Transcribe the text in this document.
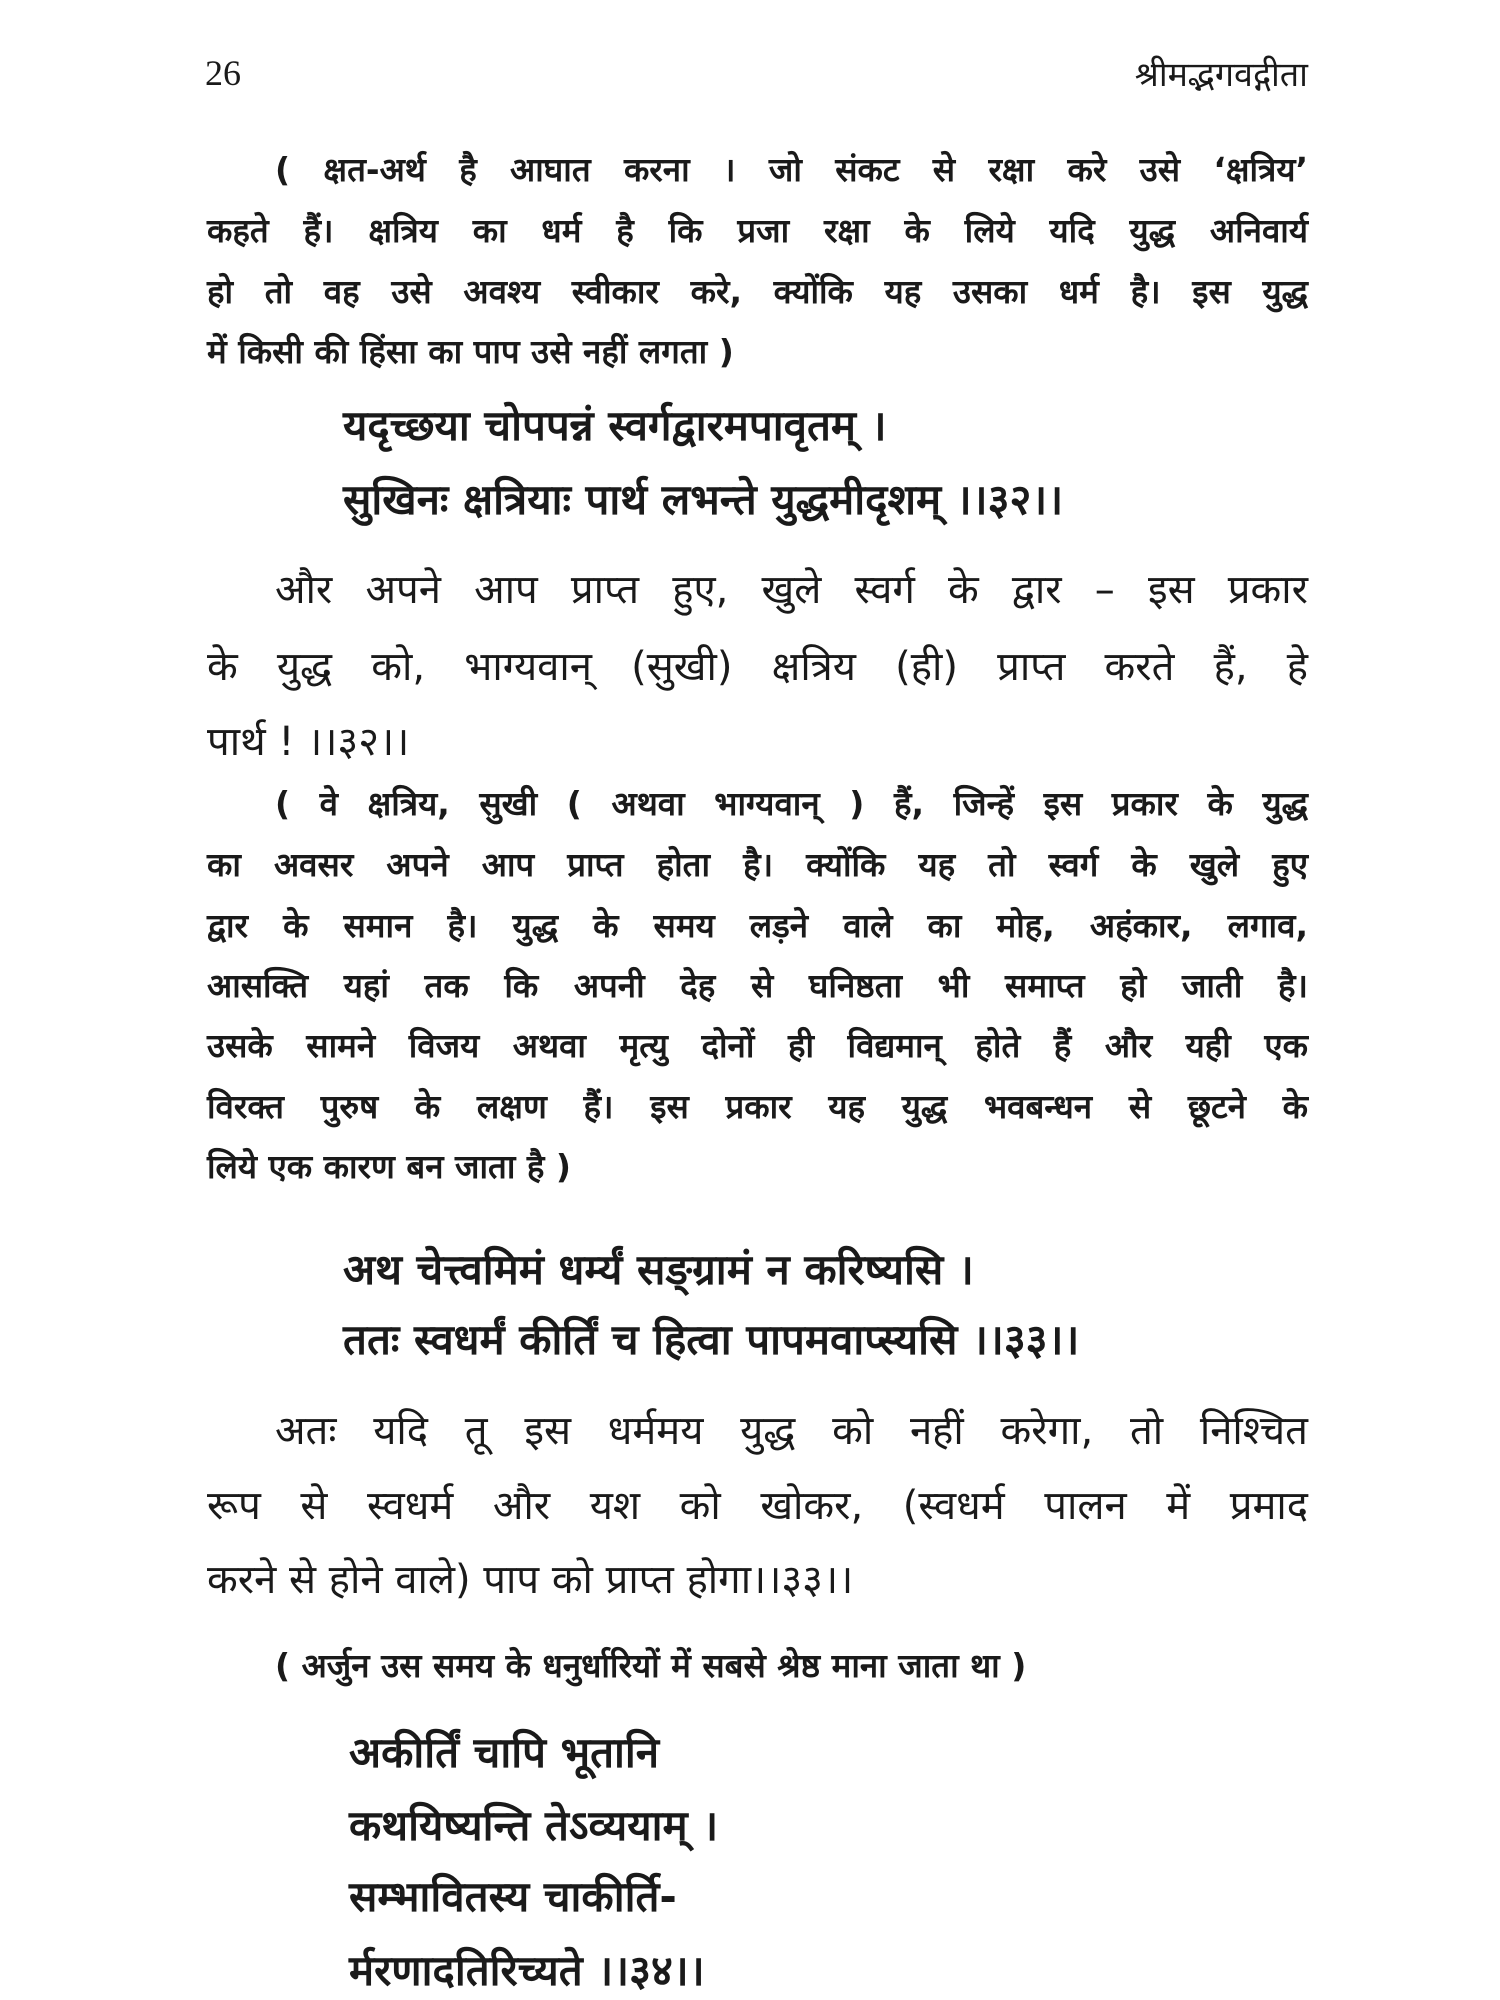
26	श्रीमद्भगवद्गीता
( क्षत-अर्थ है आघात करना । जो संकट से रक्षा करे उसे ‘क्षत्रिय’
कहते हैं। क्षत्रिय का धर्म है कि प्रजा रक्षा के लिये यदि युद्ध अनिवार्य
हो तो वह उसे अवश्य स्वीकार करे, क्योंकि यह उसका धर्म है। इस युद्ध
में किसी की हिंसा का पाप उसे नहीं लगता )
यदृच्छया चोपपन्नं स्वर्गद्वारमपावृतम् ।
सुखिनः क्षत्रियाः पार्थ लभन्ते युद्धमीदृशम् ।।३२।।
और अपने आप प्राप्त हुए, खुले स्वर्ग के द्वार – इस प्रकार
के युद्ध को, भाग्यवान् (सुखी) क्षत्रिय (ही) प्राप्त करते हैं, हे
पार्थ ! ।।३२।।
( वे क्षत्रिय, सुखी ( अथवा भाग्यवान् ) हैं, जिन्हें इस प्रकार के युद्ध
का अवसर अपने आप प्राप्त होता है। क्योंकि यह तो स्वर्ग के खुले हुए
द्वार के समान है। युद्ध के समय लड़ने वाले का मोह, अहंकार, लगाव,
आसक्ति यहां तक कि अपनी देह से घनिष्ठता भी समाप्त हो जाती है।
उसके सामने विजय अथवा मृत्यु दोनों ही विद्यमान् होते हैं और यही एक
विरक्त पुरुष के लक्षण हैं। इस प्रकार यह युद्ध भवबन्धन से छूटने के
लिये एक कारण बन जाता है )
अथ चेत्त्वमिमं धर्म्यं सङ्ग्रामं न करिष्यसि ।
ततः स्वधर्मं कीर्तिं च हित्वा पापमवाप्स्यसि ।।३३।।
अतः यदि तू इस धर्ममय युद्ध को नहीं करेगा, तो निश्चित
रूप से स्वधर्म और यश को खोकर, (स्वधर्म पालन में प्रमाद
करने से होने वाले) पाप को प्राप्त होगा।।३३।।
( अर्जुन उस समय के धनुर्धारियों में सबसे श्रेष्ठ माना जाता था )
अकीर्तिं चापि भूतानि
कथयिष्यन्ति तेऽव्ययाम् ।
सम्भावितस्य चाकीर्ति-
र्मरणादतिरिच्यते ।।३४।।
